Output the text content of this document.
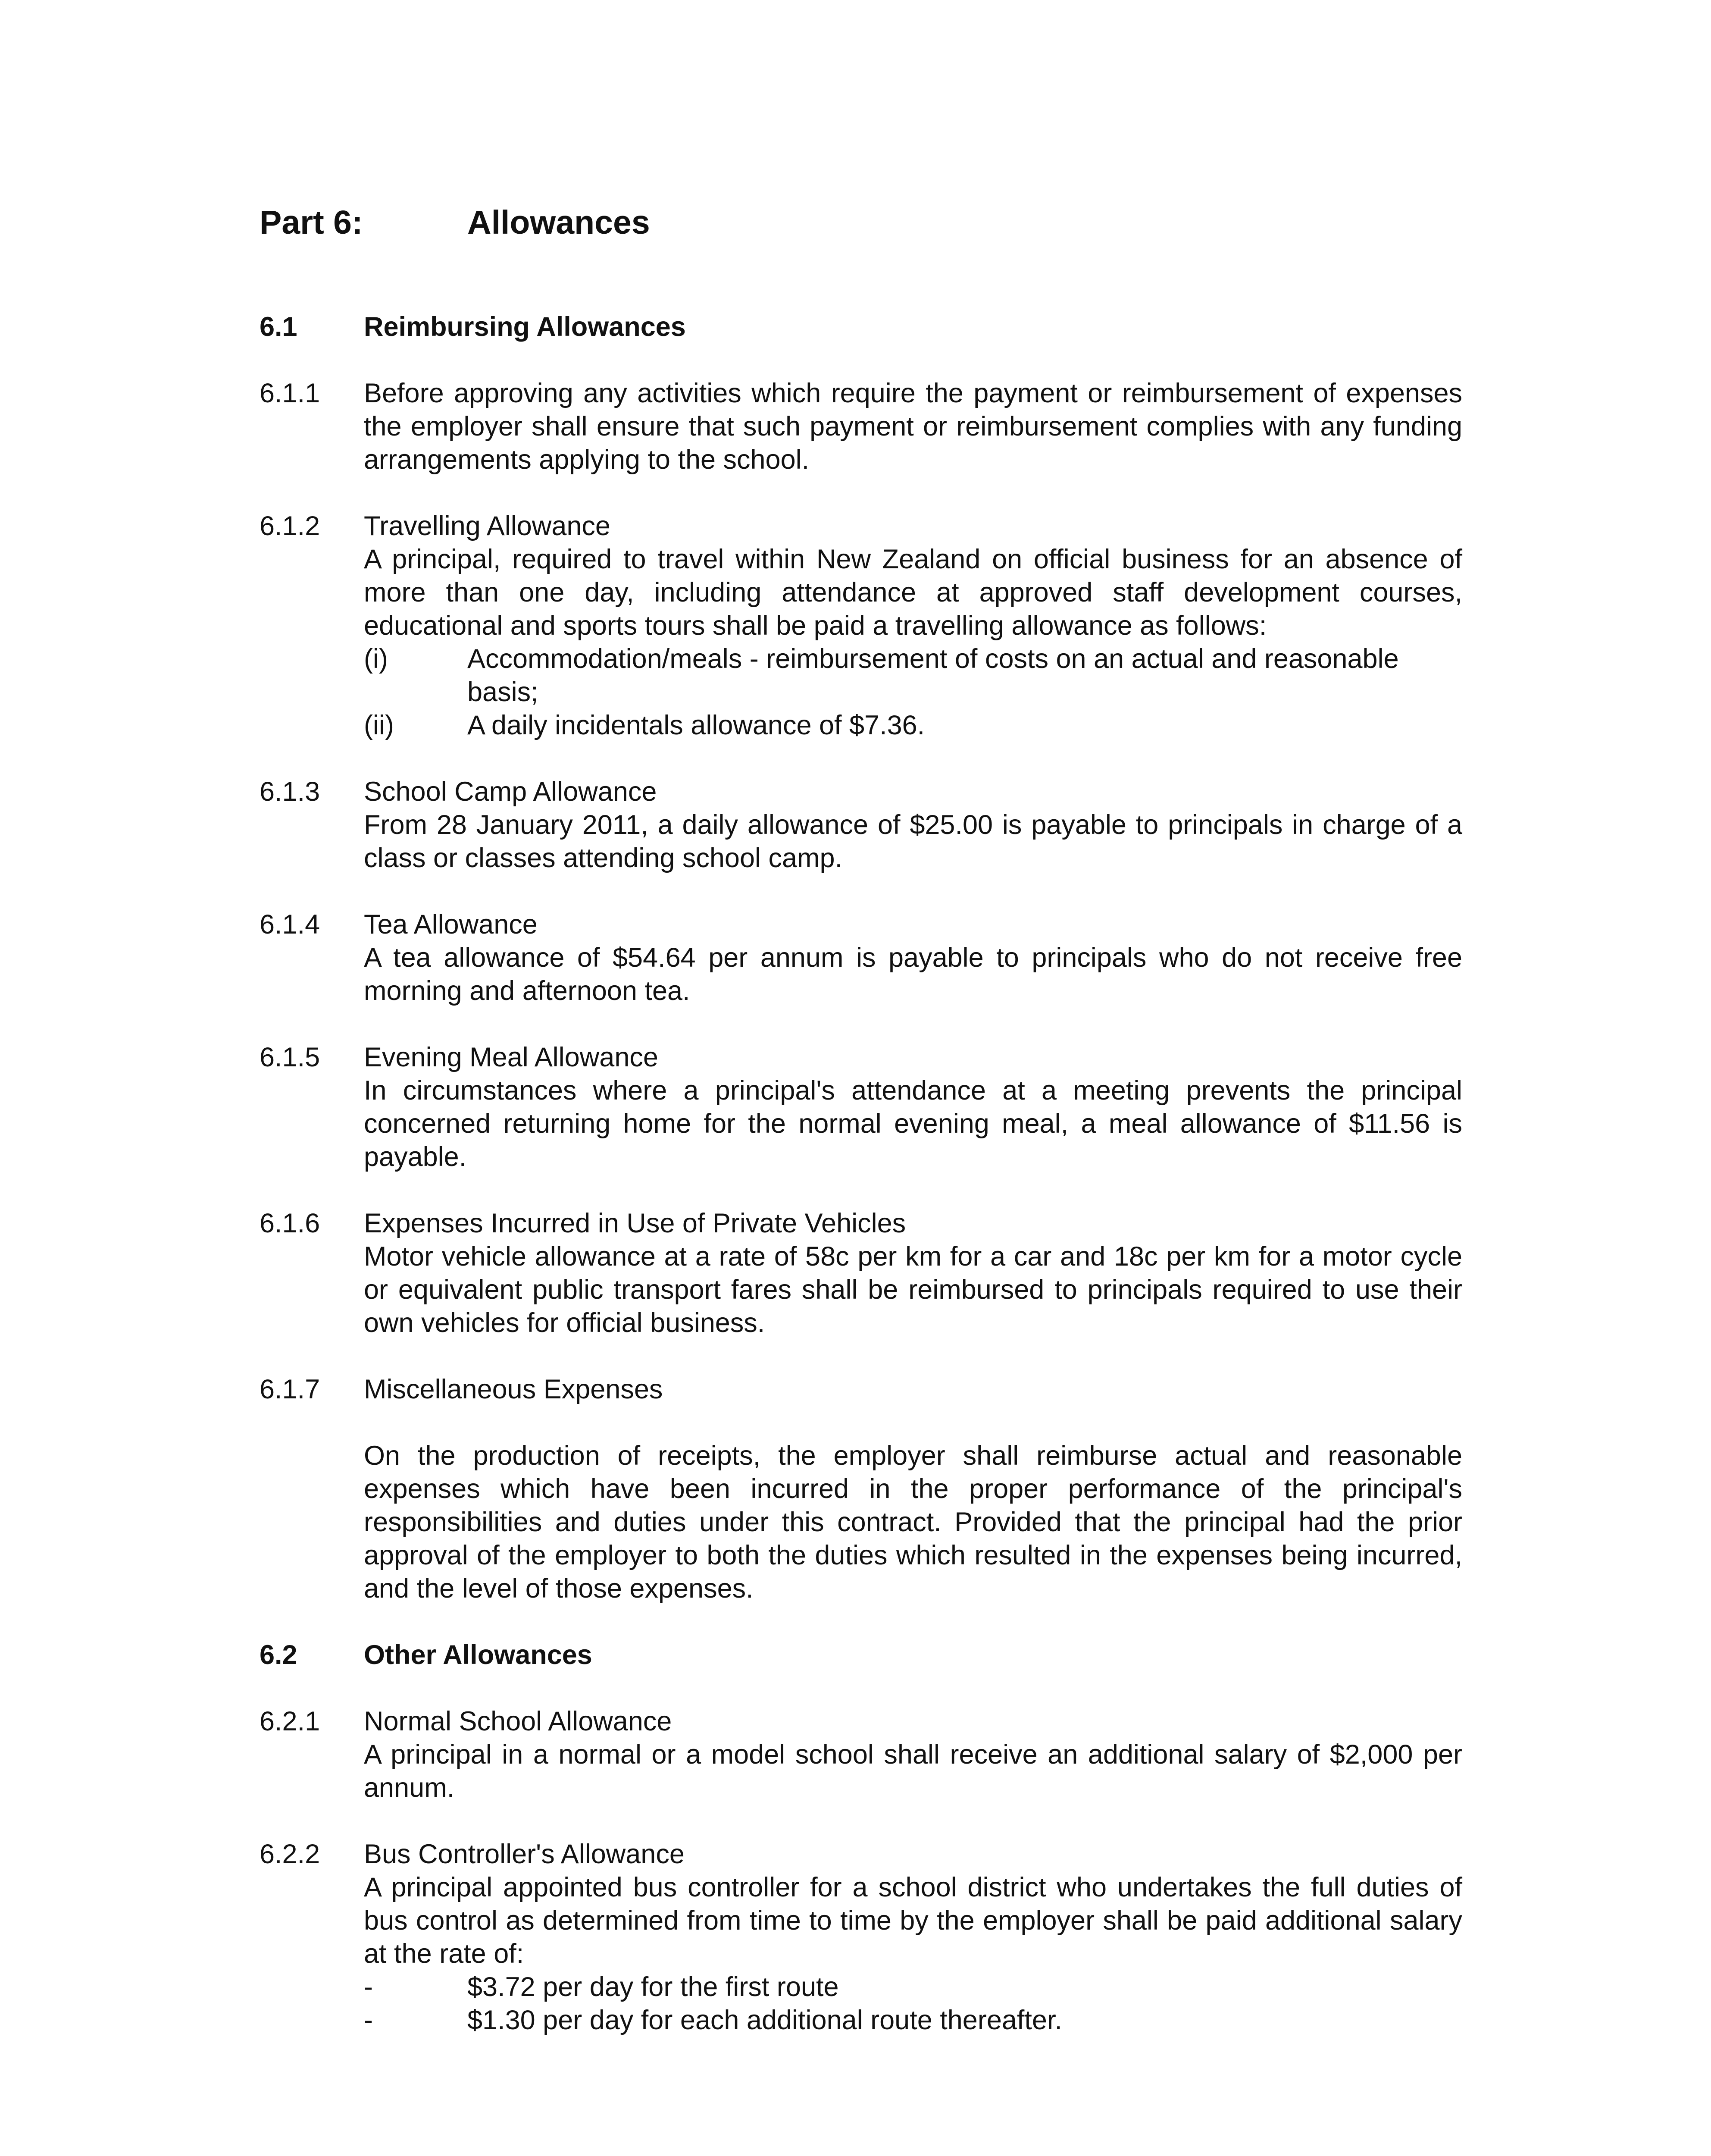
Part 6:	Allowances
6.1	Reimbursing Allowances
6.1.1	Before approving any activities which require the payment or reimbursement of expenses the employer shall ensure that such payment or reimbursement complies with any funding arrangements applying to the school.

6.1.2	Travelling Allowance

A principal, required to travel within New Zealand on official business for an absence of more than one day, including attendance at approved staff development courses, educational and sports tours shall be paid a travelling allowance as follows:

(i)	Accommodation/meals - reimbursement of costs on an actual and reasonable basis;
(ii)	A daily incidentals allowance of $7.36.
6.1.3	School Camp Allowance

From 28 January 2011, a daily allowance of $25.00 is payable to principals in charge of a class or classes attending school camp.

6.1.4	Tea Allowance

A tea allowance of $54.64 per annum is payable to principals who do not receive free morning and afternoon tea.

6.1.5	Evening Meal Allowance

In circumstances where a principal's attendance at a meeting prevents the principal concerned returning home for the normal evening meal, a meal allowance of $11.56 is payable.

6.1.6	Expenses Incurred in Use of Private Vehicles

Motor vehicle allowance at a rate of 58c per km for a car and 18c per km for a motor cycle or equivalent public transport fares shall be reimbursed to principals required to use their own vehicles for official business.

6.1.7	Miscellaneous Expenses

On the production of receipts, the employer shall reimburse actual and reasonable expenses which have been incurred in the proper performance of the principal's responsibilities and duties under this contract. Provided that the principal had the prior approval of the employer to both the duties which resulted in the expenses being incurred, and the level of those expenses.

6.2	Other Allowances
6.2.1	Normal School Allowance

A principal in a normal or a model school shall receive an additional salary of $2,000 per annum.

6.2.2	Bus Controller's Allowance

A principal appointed bus controller for a school district who undertakes the full duties of bus control as determined from time to time by the employer shall be paid additional salary at the rate of:

-	$3.72 per day for the first route
-	$1.30 per day for each additional route thereafter.
